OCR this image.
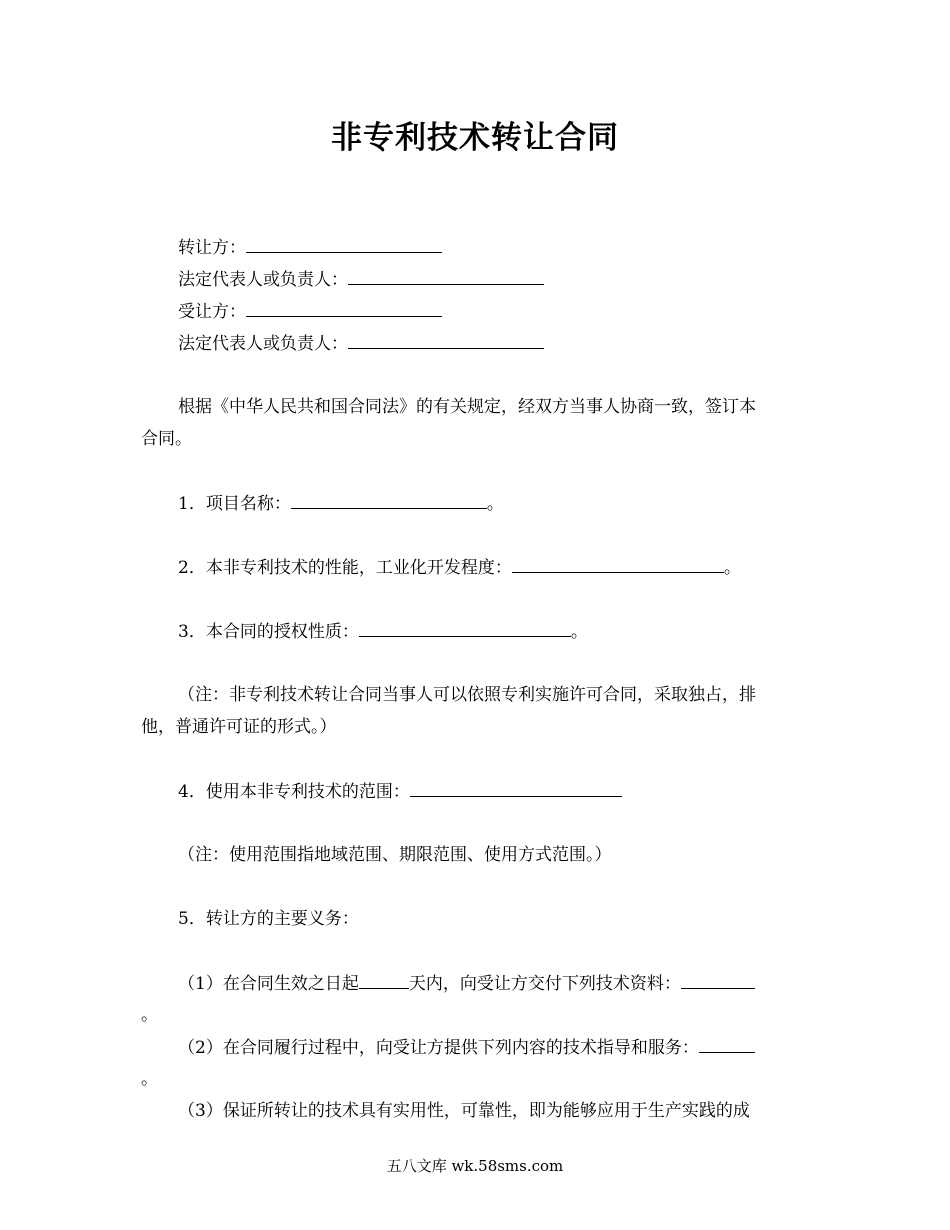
非专利技术转让合同
转让方：
法定代表人或负责人：
受让方：
法定代表人或负责人：
根据《中华人民共和国合同法》的有关规定，经双方当事人协商一致，签订本
合同。
1．项目名称：	。
2．本非专利技术的性能，工业化开发程度：	。
3．本合同的授权性质：	。
（注：非专利技术转让合同当事人可以依照专利实施许可合同，采取独占，排
他，普通许可证的形式。）
4．使用本非专利技术的范围：
（注：使用范围指地域范围、期限范围、使用方式范围。）
5．转让方的主要义务：
（1）在合同生效之日起	天内，向受让方交付下列技术资料：
。
（2）在合同履行过程中，向受让方提供下列内容的技术指导和服务：
。
（3）保证所转让的技术具有实用性，可靠性，即为能够应用于生产实践的成
五八文库 wk.58sms.com
